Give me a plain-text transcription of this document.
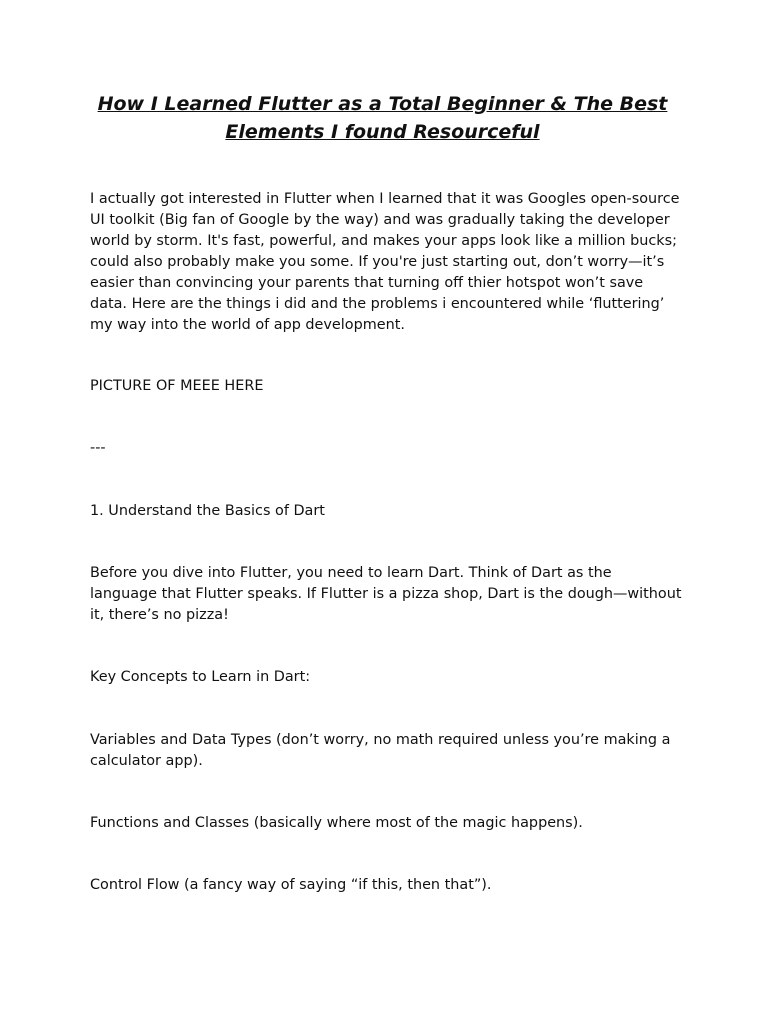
How I Learned Flutter as a Total Beginner & The Best Elements I found Resourceful

I actually got interested in Flutter when I learned that it was Googles open-source UI toolkit (Big fan of Google by the way) and was gradually taking the developer world by storm. It's fast, powerful, and makes your apps look like a million bucks; could also probably make you some. If you're just starting out, don’t worry—it’s easier than convincing your parents that turning off thier hotspot won’t save data. Here are the things i did and the problems i encountered while ‘fluttering’ my way into the world of app development.

PICTURE OF MEEE HERE

---

1. Understand the Basics of Dart

Before you dive into Flutter, you need to learn Dart. Think of Dart as the language that Flutter speaks. If Flutter is a pizza shop, Dart is the dough—without it, there’s no pizza!

Key Concepts to Learn in Dart:

Variables and Data Types (don’t worry, no math required unless you’re making a calculator app).

Functions and Classes (basically where most of the magic happens).

Control Flow (a fancy way of saying “if this, then that”).
